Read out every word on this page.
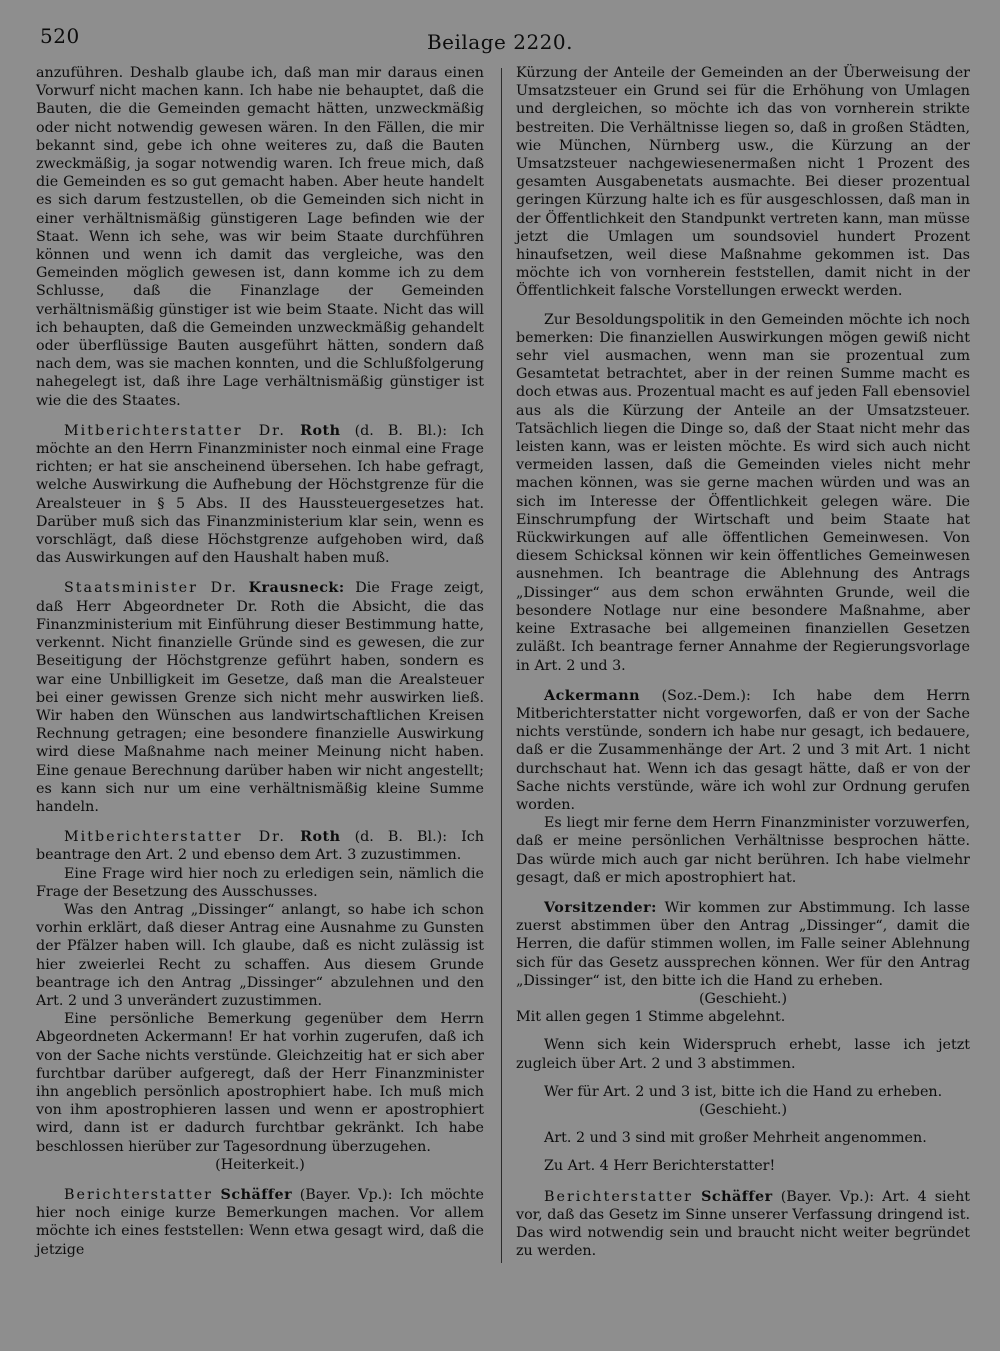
520	Beilage 2220.

anzuführen. Deshalb glaube ich, daß man mir daraus einen Vorwurf nicht machen kann. Ich habe nie behauptet, daß die Bauten, die die Gemeinden gemacht hätten, unzweckmäßig oder nicht notwendig gewesen wären. In den Fällen, die mir bekannt sind, gebe ich ohne weiteres zu, daß die Bauten zweckmäßig, ja sogar notwendig waren. Ich freue mich, daß die Gemeinden es so gut gemacht haben. Aber heute handelt es sich darum festzustellen, ob die Gemeinden sich nicht in einer verhältnismäßig günstigeren Lage befinden wie der Staat. Wenn ich sehe, was wir beim Staate durchführen können und wenn ich damit das vergleiche, was den Gemeinden möglich gewesen ist, dann komme ich zu dem Schlusse, daß die Finanzlage der Gemeinden verhältnismäßig günstiger ist wie beim Staate. Nicht das will ich behaupten, daß die Gemeinden unzweckmäßig gehandelt oder überflüssige Bauten ausgeführt hätten, sondern daß nach dem, was sie machen konnten, und die Schlußfolgerung nahegelegt ist, daß ihre Lage verhältnismäßig günstiger ist wie die des Staates.

Mitberichterstatter Dr. Roth (d. B. Bl.): Ich möchte an den Herrn Finanzminister noch einmal eine Frage richten; er hat sie anscheinend übersehen. Ich habe gefragt, welche Auswirkung die Aufhebung der Höchstgrenze für die Arealsteuer in § 5 Abs. II des Haussteuergesetzes hat. Darüber muß sich das Finanzministerium klar sein, wenn es vorschlägt, daß diese Höchstgrenze aufgehoben wird, daß das Auswirkungen auf den Haushalt haben muß.

Staatsminister Dr. Krausneck: Die Frage zeigt, daß Herr Abgeordneter Dr. Roth die Absicht, die das Finanzministerium mit Einführung dieser Bestimmung hatte, verkennt. Nicht finanzielle Gründe sind es gewesen, die zur Beseitigung der Höchstgrenze geführt haben, sondern es war eine Unbilligkeit im Gesetze, daß man die Arealsteuer bei einer gewissen Grenze sich nicht mehr auswirken ließ. Wir haben den Wünschen aus landwirtschaftlichen Kreisen Rechnung getragen; eine besondere finanzielle Auswirkung wird diese Maßnahme nach meiner Meinung nicht haben. Eine genaue Berechnung darüber haben wir nicht angestellt; es kann sich nur um eine verhältnismäßig kleine Summe handeln.

Mitberichterstatter Dr. Roth (d. B. Bl.): Ich beantrage den Art. 2 und ebenso dem Art. 3 zuzustimmen.

Eine Frage wird hier noch zu erledigen sein, nämlich die Frage der Besetzung des Ausschusses.

Was den Antrag „Dissinger“ anlangt, so habe ich schon vorhin erklärt, daß dieser Antrag eine Ausnahme zu Gunsten der Pfälzer haben will. Ich glaube, daß es nicht zulässig ist hier zweierlei Recht zu schaffen. Aus diesem Grunde beantrage ich den Antrag „Dissinger“ abzulehnen und den Art. 2 und 3 unverändert zuzustimmen.

Eine persönliche Bemerkung gegenüber dem Herrn Abgeordneten Ackermann! Er hat vorhin zugerufen, daß ich von der Sache nichts verstünde. Gleichzeitig hat er sich aber furchtbar darüber aufgeregt, daß der Herr Finanzminister ihn angeblich persönlich apostrophiert habe. Ich muß mich von ihm apostrophieren lassen und wenn er apostrophiert wird, dann ist er dadurch furchtbar gekränkt. Ich habe beschlossen hierüber zur Tagesordnung überzugehen.

(Heiterkeit.)

Berichterstatter Schäffer (Bayer. Vp.): Ich möchte hier noch einige kurze Bemerkungen machen. Vor allem möchte ich eines feststellen: Wenn etwa gesagt wird, daß die jetzige

Kürzung der Anteile der Gemeinden an der Überweisung der Umsatzsteuer ein Grund sei für die Erhöhung von Umlagen und dergleichen, so möchte ich das von vornherein strikte bestreiten. Die Verhältnisse liegen so, daß in großen Städten, wie München, Nürnberg usw., die Kürzung an der Umsatzsteuer nachgewiesenermaßen nicht 1 Prozent des gesamten Ausgabenetats ausmachte. Bei dieser prozentual geringen Kürzung halte ich es für ausgeschlossen, daß man in der Öffentlichkeit den Standpunkt vertreten kann, man müsse jetzt die Umlagen um soundsoviel hundert Prozent hinaufsetzen, weil diese Maßnahme gekommen ist. Das möchte ich von vornherein feststellen, damit nicht in der Öffentlichkeit falsche Vorstellungen erweckt werden.

Zur Besoldungspolitik in den Gemeinden möchte ich noch bemerken: Die finanziellen Auswirkungen mögen gewiß nicht sehr viel ausmachen, wenn man sie prozentual zum Gesamtetat betrachtet, aber in der reinen Summe macht es doch etwas aus. Prozentual macht es auf jeden Fall ebensoviel aus als die Kürzung der Anteile an der Umsatzsteuer. Tatsächlich liegen die Dinge so, daß der Staat nicht mehr das leisten kann, was er leisten möchte. Es wird sich auch nicht vermeiden lassen, daß die Gemeinden vieles nicht mehr machen können, was sie gerne machen würden und was an sich im Interesse der Öffentlichkeit gelegen wäre. Die Einschrumpfung der Wirtschaft und beim Staate hat Rückwirkungen auf alle öffentlichen Gemeinwesen. Von diesem Schicksal können wir kein öffentliches Gemeinwesen ausnehmen. Ich beantrage die Ablehnung des Antrags „Dissinger“ aus dem schon erwähnten Grunde, weil die besondere Notlage nur eine besondere Maßnahme, aber keine Extrasache bei allgemeinen finanziellen Gesetzen zuläßt. Ich beantrage ferner Annahme der Regierungsvorlage in Art. 2 und 3.

Ackermann (Soz.-Dem.): Ich habe dem Herrn Mitberichterstatter nicht vorgeworfen, daß er von der Sache nichts verstünde, sondern ich habe nur gesagt, ich bedauere, daß er die Zusammenhänge der Art. 2 und 3 mit Art. 1 nicht durchschaut hat. Wenn ich das gesagt hätte, daß er von der Sache nichts verstünde, wäre ich wohl zur Ordnung gerufen worden.

Es liegt mir ferne dem Herrn Finanzminister vorzuwerfen, daß er meine persönlichen Verhältnisse besprochen hätte. Das würde mich auch gar nicht berühren. Ich habe vielmehr gesagt, daß er mich apostrophiert hat.

Vorsitzender: Wir kommen zur Abstimmung. Ich lasse zuerst abstimmen über den Antrag „Dissinger“, damit die Herren, die dafür stimmen wollen, im Falle seiner Ablehnung sich für das Gesetz aussprechen können. Wer für den Antrag „Dissinger“ ist, den bitte ich die Hand zu erheben.

(Geschieht.)

Mit allen gegen 1 Stimme abgelehnt.

Wenn sich kein Widerspruch erhebt, lasse ich jetzt zugleich über Art. 2 und 3 abstimmen.

Wer für Art. 2 und 3 ist, bitte ich die Hand zu erheben.

(Geschieht.)

Art. 2 und 3 sind mit großer Mehrheit angenommen.

Zu Art. 4 Herr Berichterstatter!

Berichterstatter Schäffer (Bayer. Vp.): Art. 4 sieht vor, daß das Gesetz im Sinne unserer Verfassung dringend ist. Das wird notwendig sein und braucht nicht weiter begründet zu werden.
